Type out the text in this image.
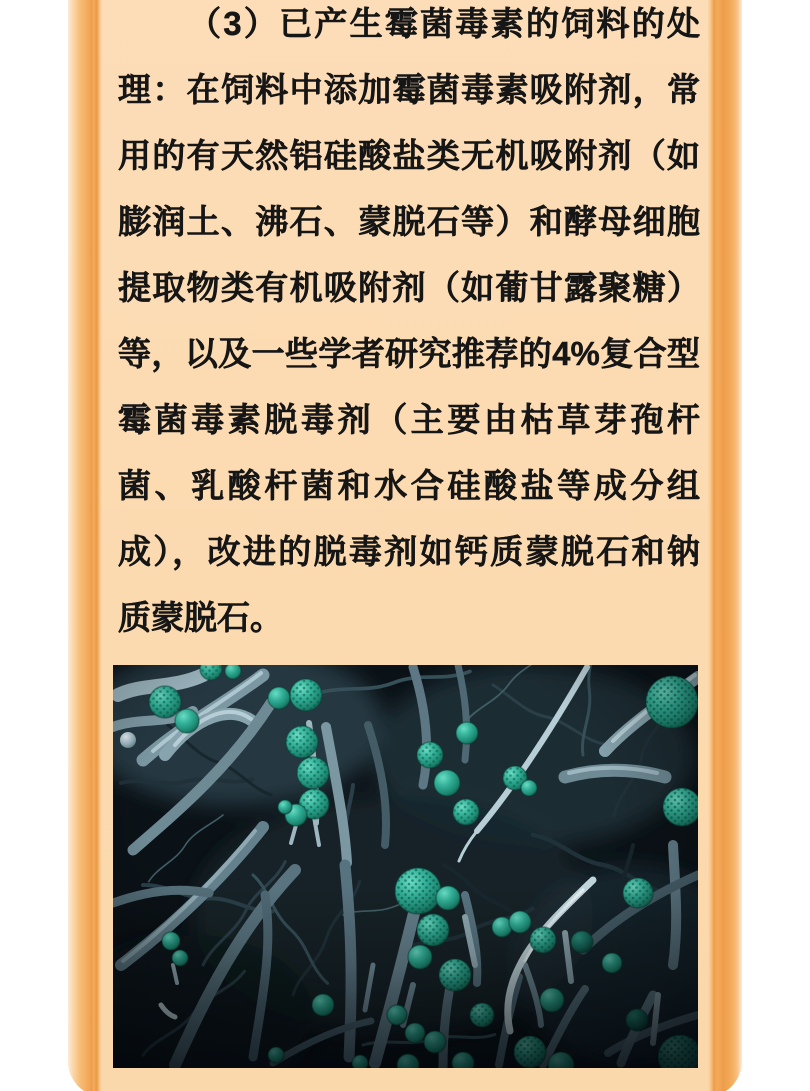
（3）已产生霉菌毒素的饲料的处
理：在饲料中添加霉菌毒素吸附剂，常
用的有天然铝硅酸盐类无机吸附剂（如
膨润土、沸石、蒙脱石等）和酵母细胞
提取物类有机吸附剂（如葡甘露聚糖）
等，以及一些学者研究推荐的4%复合型
霉菌毒素脱毒剂（主要由枯草芽孢杆
菌、乳酸杆菌和水合硅酸盐等成分组
成），改进的脱毒剂如钙质蒙脱石和钠
质蒙脱石。
